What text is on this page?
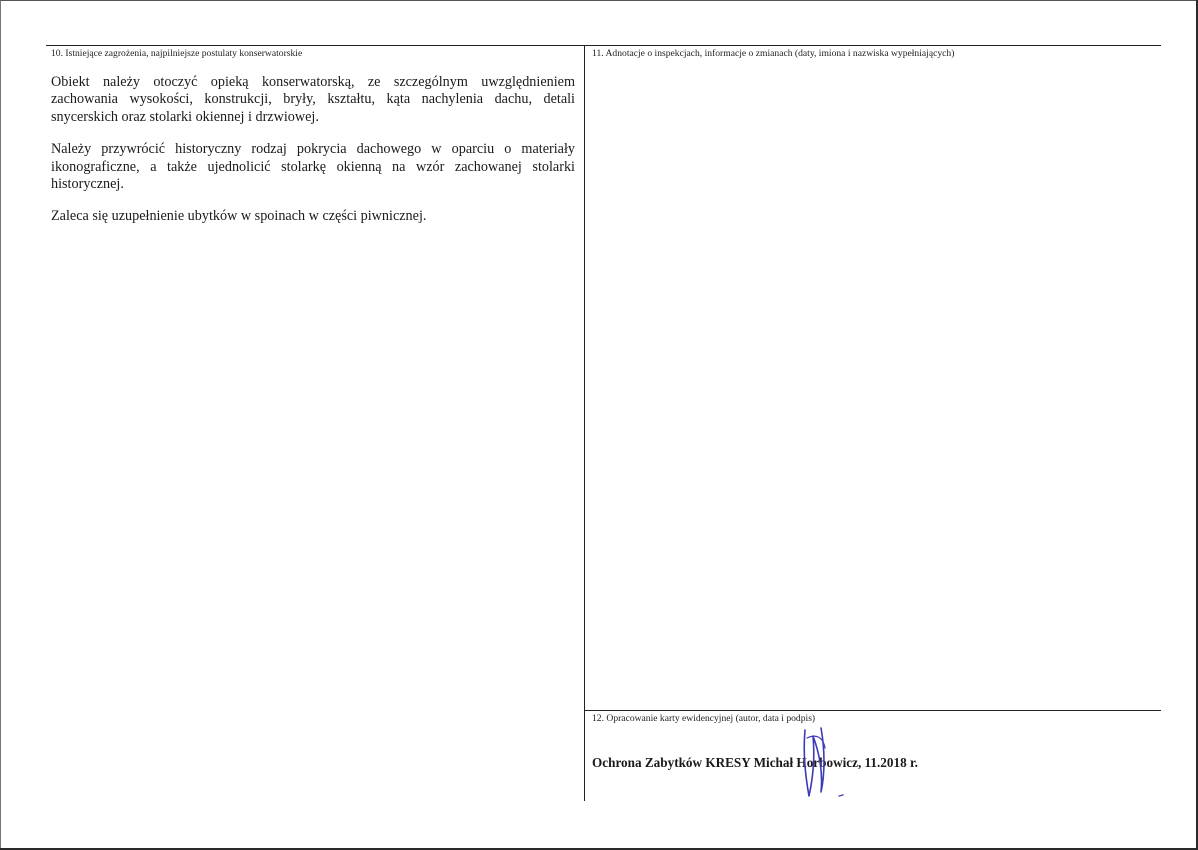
10. Istniejące zagrożenia, najpilniejsze postulaty konserwatorskie

Obiekt należy otoczyć opieką konserwatorską, ze szczególnym uwzględnieniem zachowania wysokości, konstrukcji, bryły, kształtu, kąta nachylenia dachu, detali snycerskich oraz stolarki okiennej i drzwiowej.

Należy przywrócić historyczny rodzaj pokrycia dachowego w oparciu o materiały ikonograficzne, a także ujednolicić stolarkę okienną na wzór zachowanej stolarki historycznej.

Zaleca się uzupełnienie ubytków w spoinach w części piwnicznej.

11. Adnotacje o inspekcjach, informacje o zmianach (daty, imiona i nazwiska wypełniających)
12. Opracowanie karty ewidencyjnej (autor, data i podpis)
Ochrona Zabytków KRESY Michał Horbowicz, 11.2018 r.
